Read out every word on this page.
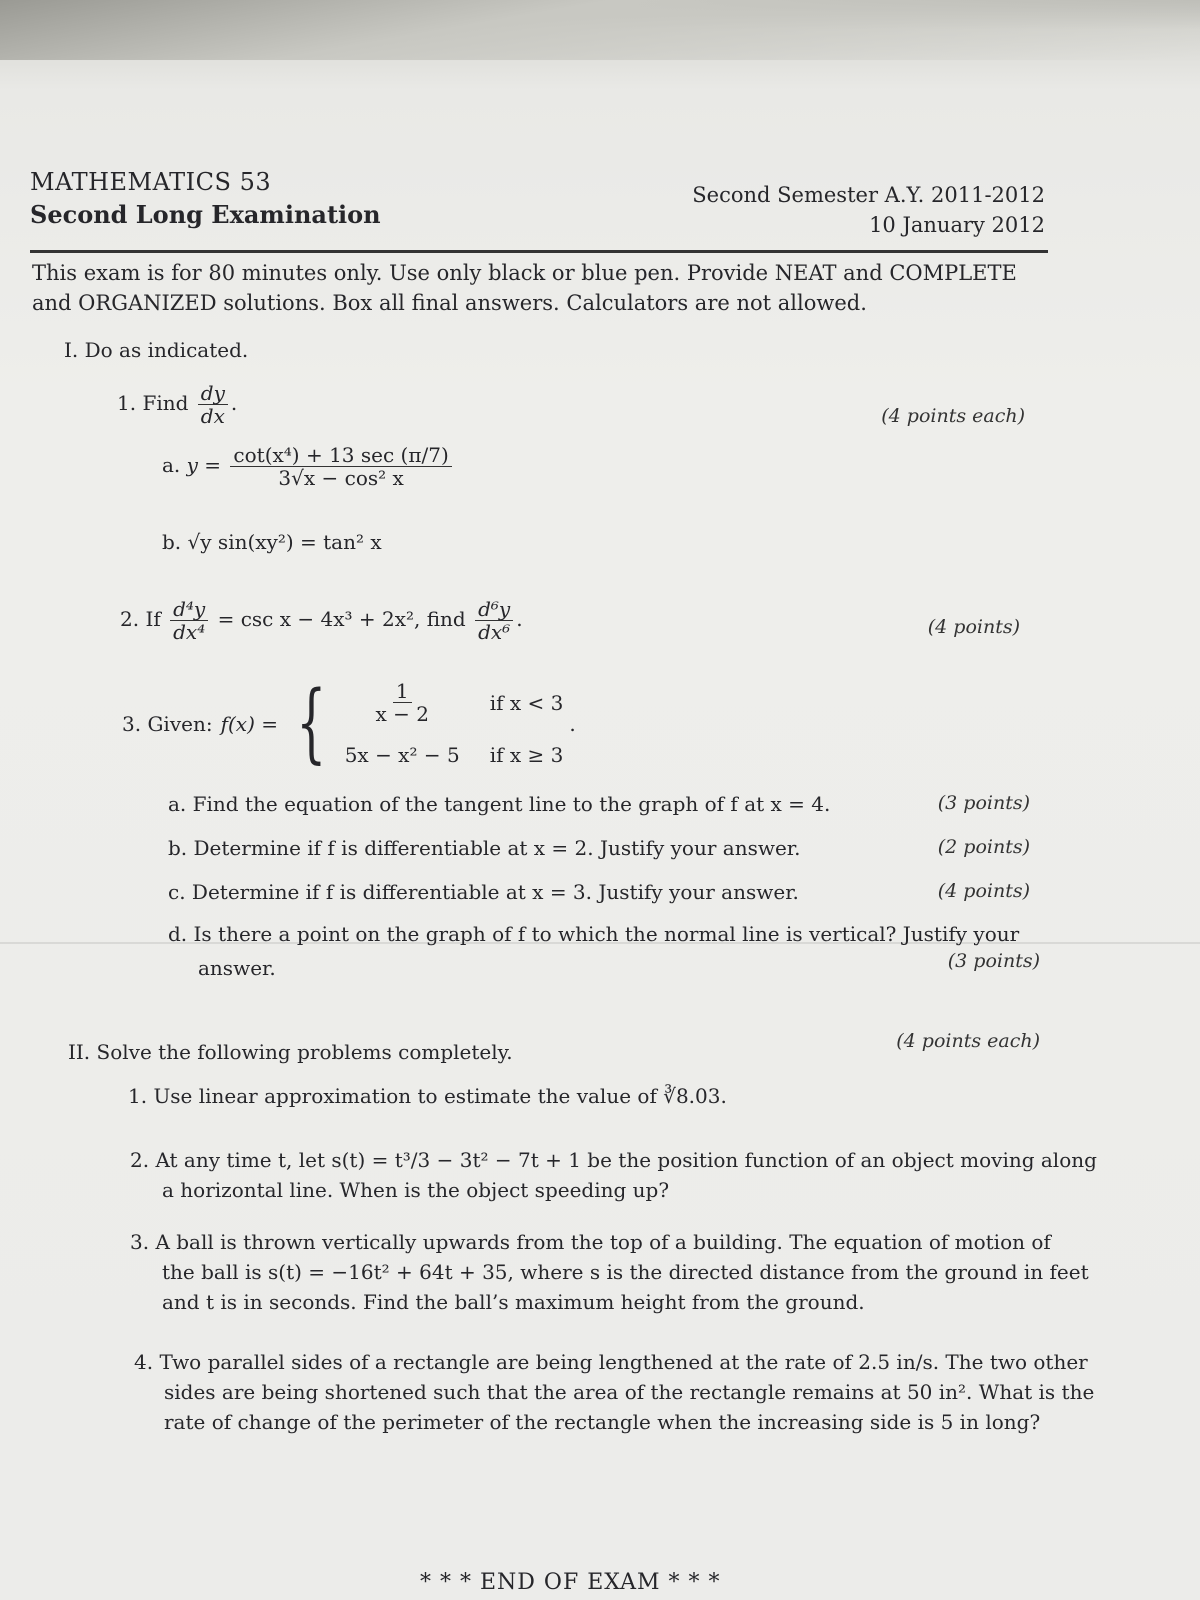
MATHEMATICS 53
Second Long Examination
Second Semester A.Y. 2011-2012
10 January 2012
This exam is for 80 minutes only. Use only black or blue pen. Provide NEAT and COMPLETE and ORGANIZED solutions. Box all final answers. Calculators are not allowed.
I. Do as indicated.
1. Find $\frac{dy}{dx}$ .
(4 points each)
a. $y = \frac{\text{cot(x⁴) + 13 sec (π/7)}}{\text{3√x − cos² x}}$
b. √y sin(xy²) = tan² x
2. If $\frac{\text{d⁴y}}{\text{dx⁴}} = \csc x - 4x^3 + 2x^2$, find $\frac{\text{d⁶y}}{\text{dx⁶}}$ .	(4 points)
3. Given: f(x) = { $\frac{1}{x - 2}$ if x < 3
5x − x² − 5 if x ≥ 3
.
a. Find the equation of the tangent line to the graph of f at x = 4.	(3 points)
b. Determine if f is differentiable at x = 2. Justify your answer.	(2 points)
c. Determine if f is differentiable at x = 3. Justify your answer.	(4 points)
d. Is there a point on the graph of f to which the normal line is vertical? Justify your
answer.	(3 points)
II. Solve the following problems completely.	(4 points each)
1. Use linear approximation to estimate the value of ∛8.03.
2. At any time t, let s(t) = t³/3 − 3t² − 7t + 1 be the position function of an object moving along
a horizontal line. When is the object speeding up?
3. A ball is thrown vertically upwards from the top of a building. The equation of motion of
the ball is s(t) = −16t² + 64t + 35, where s is the directed distance from the ground in feet
and t is in seconds. Find the ball’s maximum height from the ground.
4. Two parallel sides of a rectangle are being lengthened at the rate of 2.5 in/s. The two other
sides are being shortened such that the area of the rectangle remains at 50 in². What is the
rate of change of the perimeter of the rectangle when the increasing side is 5 in long?
* * * END OF EXAM * * *
